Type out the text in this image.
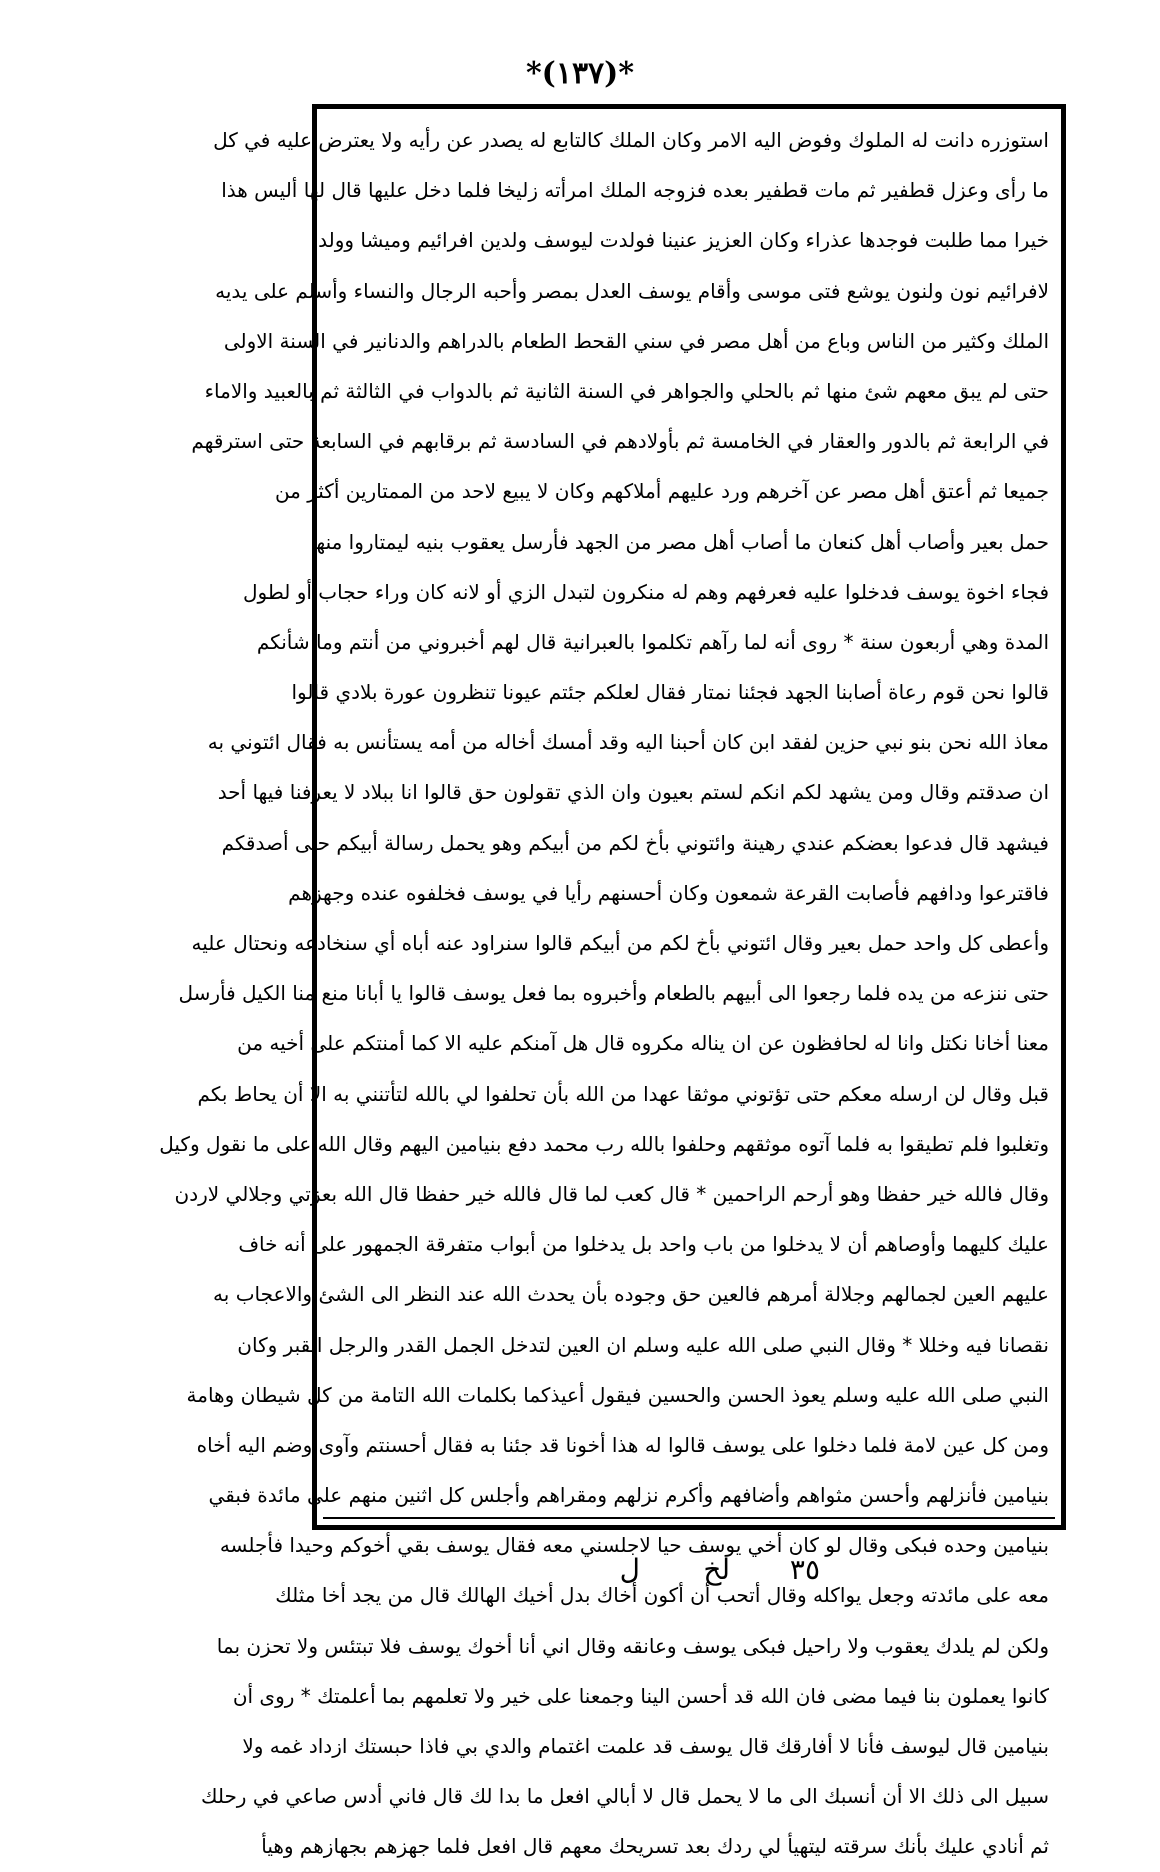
*(١٣٧)*
استوزره دانت له الملوك وفوض اليه الامر وكان الملك كالتابع له يصدر عن رأيه ولا يعترض عليه في كل
ما رأى وعزل قطفير ثم مات قطفير بعده فزوجه الملك امرأته زليخا فلما دخل عليها قال لها أليس هذا
خيرا مما طلبت فوجدها عذراء وكان العزيز عنينا فولدت ليوسف ولدين افرائيم وميشا وولد
لافرائيم نون ولنون يوشع فتى موسى وأقام يوسف العدل بمصر وأحبه الرجال والنساء وأسلم على يديه
الملك وكثير من الناس وباع من أهل مصر في سني القحط الطعام بالدراهم والدنانير في السنة الاولى
حتى لم يبق معهم شئ منها ثم بالحلي والجواهر في السنة الثانية ثم بالدواب في الثالثة ثم بالعبيد والاماء
في الرابعة ثم بالدور والعقار في الخامسة ثم بأولادهم في السادسة ثم برقابهم في السابعة حتى استرقهم
جميعا ثم أعتق أهل مصر عن آخرهم ورد عليهم أملاكهم وكان لا يبيع لاحد من الممتارين أكثر من
حمل بعير وأصاب أهل كنعان ما أصاب أهل مصر من الجهد فأرسل يعقوب بنيه ليمتاروا منها
فجاء اخوة يوسف فدخلوا عليه فعرفهم وهم له منكرون لتبدل الزي أو لانه كان وراء حجاب أو لطول
المدة وهي أربعون سنة * روى أنه لما رآهم تكلموا بالعبرانية قال لهم أخبروني من أنتم وما شأنكم
قالوا نحن قوم رعاة أصابنا الجهد فجئنا نمتار فقال لعلكم جئتم عيونا تنظرون عورة بلادي قالوا
معاذ الله نحن بنو نبي حزين لفقد ابن كان أحبنا اليه وقد أمسك أخاله من أمه يستأنس به فقال ائتوني به
ان صدقتم وقال ومن يشهد لكم انكم لستم بعيون وان الذي تقولون حق قالوا انا ببلاد لا يعرفنا فيها أحد
فيشهد قال فدعوا بعضكم عندي رهينة وائتوني بأخ لكم من أبيكم وهو يحمل رسالة أبيكم حتى أصدقكم
فاقترعوا ودافهم فأصابت القرعة شمعون وكان أحسنهم رأيا في يوسف فخلفوه عنده وجهزهم
وأعطى كل واحد حمل بعير وقال ائتوني بأخ لكم من أبيكم قالوا سنراود عنه أباه أي سنخادعه ونحتال عليه
حتى ننزعه من يده فلما رجعوا الى أبيهم بالطعام وأخبروه بما فعل يوسف قالوا يا أبانا منع منا الكيل فأرسل
معنا أخانا نكتل وانا له لحافظون عن ان يناله مكروه قال هل آمنكم عليه الا كما أمنتكم على أخيه من
قبل وقال لن ارسله معكم حتى تؤتوني موثقا عهدا من الله بأن تحلفوا لي بالله لتأتنني به الا أن يحاط بكم
وتغلبوا فلم تطيقوا به فلما آتوه موثقهم وحلفوا بالله رب محمد دفع بنيامين اليهم وقال الله على ما نقول وكيل
وقال فالله خير حفظا وهو أرحم الراحمين * قال كعب لما قال فالله خير حفظا قال الله بعزتي وجلالي لاردن
عليك كليهما وأوصاهم أن لا يدخلوا من باب واحد بل يدخلوا من أبواب متفرقة الجمهور على أنه خاف
عليهم العين لجمالهم وجلالة أمرهم فالعين حق وجوده بأن يحدث الله عند النظر الى الشئ والاعجاب به
نقصانا فيه وخللا * وقال النبي صلى الله عليه وسلم ان العين لتدخل الجمل القدر والرجل القبر وكان
النبي صلى الله عليه وسلم يعوذ الحسن والحسين فيقول أعيذكما بكلمات الله التامة من كل شيطان وهامة
ومن كل عين لامة فلما دخلوا على يوسف قالوا له هذا أخونا قد جئنا به فقال أحسنتم وآوى وضم اليه أخاه
بنيامين فأنزلهم وأحسن مثواهم وأضافهم وأكرم نزلهم ومقراهم وأجلس كل اثنين منهم على مائدة فبقي
بنيامين وحده فبكى وقال لو كان أخي يوسف حيا لاجلسني معه فقال يوسف بقي أخوكم وحيدا فأجلسه
معه على مائدته وجعل يواكله وقال أتحب أن أكون أخاك بدل أخيك الهالك قال من يجد أخا مثلك
ولكن لم يلدك يعقوب ولا راحيل فبكى يوسف وعانقه وقال اني أنا أخوك يوسف فلا تبتئس ولا تحزن بما
كانوا يعملون بنا فيما مضى فان الله قد أحسن الينا وجمعنا على خير ولا تعلمهم بما أعلمتك * روى أن
بنيامين قال ليوسف فأنا لا أفارقك قال يوسف قد علمت اغتمام والدي بي فاذا حبستك ازداد غمه ولا
سبيل الى ذلك الا أن أنسبك الى ما لا يحمل قال لا أبالي افعل ما بدا لك قال فاني أدس صاعي في رحلك
ثم أنادي عليك بأنك سرقته ليتهيأ لي ردك بعد تسريحك معهم قال افعل فلما جهزهم بجهازهم وهيأ
٣٥
لخ
ل
